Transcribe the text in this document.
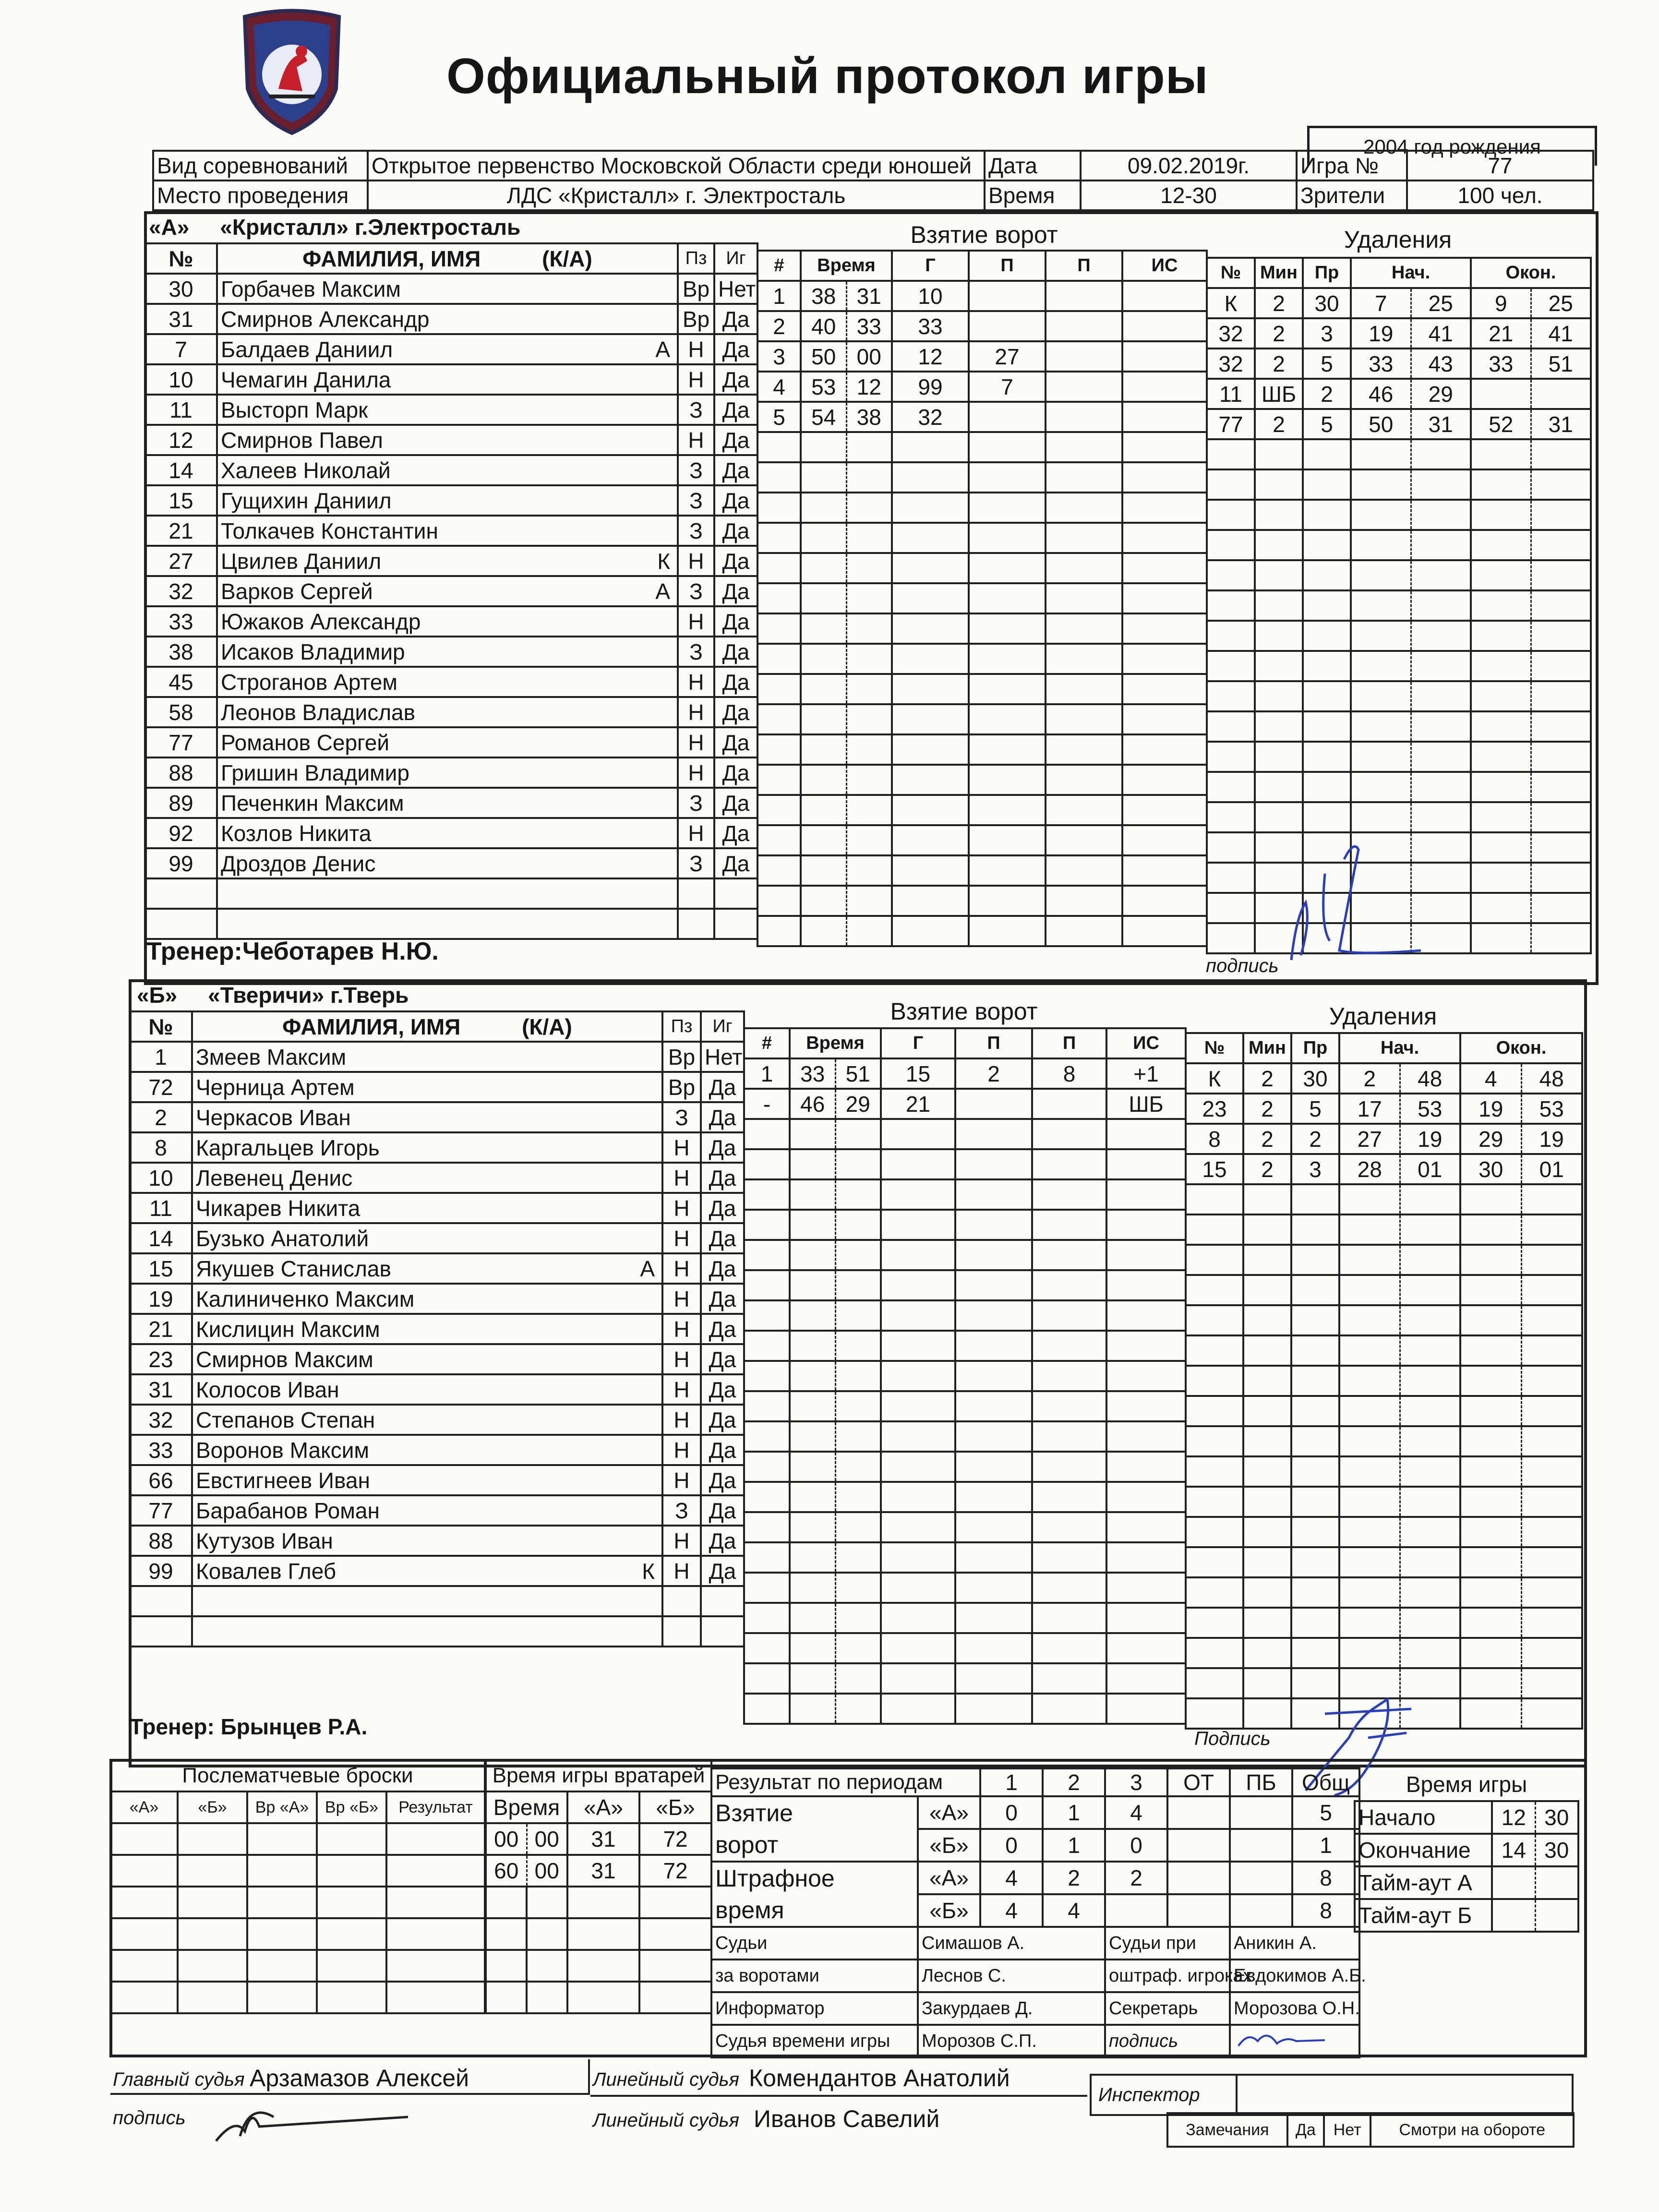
Официальный протокол игры
2004 год рождения
Вид соревнований	Открытое первенство Московской Области среди юношей	Дата	09.02.2019г.	Игра №	77
Место проведения	ЛДС «Кристалл» г. Электросталь	Время	12-30	Зрители	100 чел.
«А» «Кристалл» г.Электросталь
№	ФАМИЛИЯ, ИМЯ (К/А)	Пз	Иг
30	Горбачев Максим	Вр	Нет
31	Смирнов Александр	Вр	Да
7	Балдаев Даниил А	Н	Да
10	Чемагин Данила	Н	Да
11	Высторп Марк	З	Да
12	Смирнов Павел	Н	Да
14	Халеев Николай	З	Да
15	Гущихин Даниил	З	Да
21	Толкачев Константин	З	Да
27	Цвилев Даниил К	Н	Да
32	Варков Сергей А	З	Да
33	Южаков Александр	Н	Да
38	Исаков Владимир	З	Да
45	Строганов Артем	Н	Да
58	Леонов Владислав	Н	Да
77	Романов Сергей	Н	Да
88	Гришин Владимир	Н	Да
89	Печенкин Максим	З	Да
92	Козлов Никита	Н	Да
99	Дроздов Денис	З	Да

Взятие ворот
#	Время		Г	П	П	ИС
1	38	31	10			
2	40	33	33			
3	50	00	12	27		
4	53	12	99	7		
5	54	38	32			

Удаления
№	Мин	Пр	Нач.		Окон.	
К	2	30	7	25	9	25
32	2	3	19	41	21	41
32	2	5	33	43	33	51
11	ШБ	2	46	29		
77	2	5	50	31	52	31

Тренер:Чеботарев Н.Ю.
подпись
«Б» «Тверичи» г.Тверь
№	ФАМИЛИЯ, ИМЯ (К/А)	Пз	Иг
1	Змеев Максим	Вр	Нет
72	Черница Артем	Вр	Да
2	Черкасов Иван	З	Да
8	Каргальцев Игорь	Н	Да
10	Левенец Денис	Н	Да
11	Чикарев Никита	Н	Да
14	Бузько Анатолий	Н	Да
15	Якушев Станислав А	Н	Да
19	Калиниченко Максим	Н	Да
21	Кислицин Максим	Н	Да
23	Смирнов Максим	Н	Да
31	Колосов Иван	Н	Да
32	Степанов Степан	Н	Да
33	Воронов Максим	Н	Да
66	Евстигнеев Иван	Н	Да
77	Барабанов Роман	З	Да
88	Кутузов Иван	Н	Да
99	Ковалев Глеб К	Н	Да

Взятие ворот
#	Время		Г	П	П	ИС
1	33	51	15	2	8	+1
-	46	29	21			ШБ

Удаления
№	Мин	Пр	Нач.		Окон.	
К	2	30	2	48	4	48
23	2	5	17	53	19	53
8	2	2	27	19	29	19
15	2	3	28	01	30	01

Тренер: Брынцев Р.А.	Подпись
Послематчевые броски				
«А»	«Б»	Вр «А»	Вр «Б»	Результат

Время игры вратарей			
Время		«А»	«Б»
00	00	31	72
60	00	31	72

Результат по периодам		1	2	3	ОТ	ПБ	Общ
Взятие	«А»	0	1	4			5
ворот	«Б»	0	1	0			1
Штрафное	«А»	4	2	2			8
время	«Б»	4	4				8
Судьи	Симашов А.			Судьи при		Аникин А.	
за воротами	Леснов С.			оштраф. игроках		Евдокимов А.Б.	
Информатор	Закурдаев Д.			Секретарь		Морозова О.Н.	
Судья времени игры	Морозов С.П.			подпись	
Время игры
Главный судья Арзамазов Алексей
подпись
Линейный судья Комендантов Анатолий
Линейный судья Иванов Савелий
Инспектор
Замечания	Да	Нет	Смотри на обороте
Начало	12	30
Окончание	14	30
Тайм-аут А		
Тайм-аут Б		
